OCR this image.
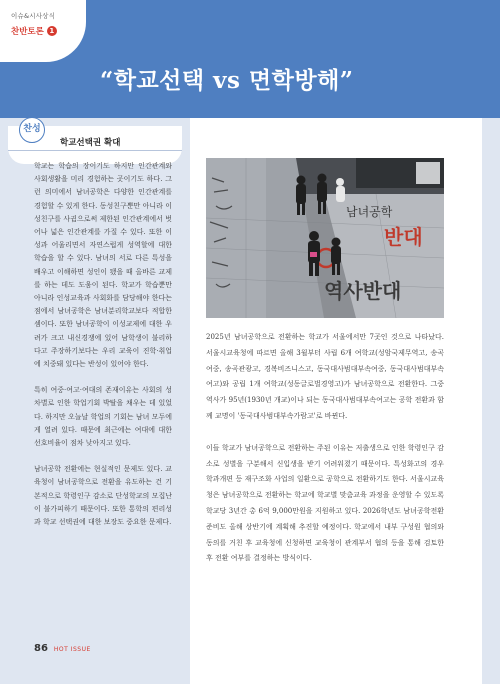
이슈&시사상식
찬반토론 1
“학교선택 vs 면학방해”
찬성
학교선택권 확대

학교는 학습의 장이기도 하지만 인간관계와 사회생활을 미리 경험하는 곳이기도 하다. 그런 의미에서 남녀공학은 다양한 인간관계를 경험할 수 있게 한다. 동성친구뿐만 아니라 이성친구를 사귐으로써 제한된 인간관계에서 벗어나 넓은 인간관계를 가질 수 있다. 또한 이성과 어울리면서 자연스럽게 성역할에 대한 학습을 할 수 있다. 남녀의 서로 다른 특성을 배우고 이해하면 성인이 됐을 때 올바른 교제를 하는 데도 도움이 된다. 학교가 학습뿐만 아니라 인성교육과 사회화를 담당해야 한다는 점에서 남녀공학은 남녀분리학교보다 적합한 셈이다. 또한 남녀공학이 이성교제에 대한 우려가 크고 내신경쟁에 있어 남학생이 불리하다고 주장하기보다는 우리 교육이 진학·취업에 치중돼 있다는 반성이 있어야 한다.

특히 여중·여고·여대의 존재이유는 사회의 성차별로 인한 학업기회 박탈을 채우는 데 있었다. 하지만 오늘날 학업의 기회는 남녀 모두에게 열려 있다. 때문에 최근에는 여대에 대한 선호비율이 점차 낮아지고 있다.

남녀공학 전환에는 현실적인 문제도 있다. 교육청이 남녀공학으로 전환을 유도하는 건 기본적으로 학령인구 감소로 단성학교의 모집난이 불가피하기 때문이다. 또한 통학의 편리성과 학교 선택권에 대한 보장도 중요한 문제다.

반대
남녀공학
역사반대

2025년 남녀공학으로 전환하는 학교가 서울에서만 7곳인 것으로 나타났다. 서울시교육청에 따르면 올해 3월부터 사립 6개 여학교(성암국제무역고, 송곡여중, 송곡관광고, 경복비즈니스고, 동국대사범대부속여중, 동국대사범대부속여고)와 공립 1개 여학교(성동글로벌경영고)가 남녀공학으로 전환한다. 그중 역사가 95년(1930년 개교)이나 되는 동국대사범대부속여고는 공학 전환과 함께 교명이 '동국대사범대부속가람고'로 바뀐다.

이들 학교가 남녀공학으로 전환하는 주된 이유는 저출생으로 인한 학령인구 감소로 성별을 구분해서 신입생을 받기 어려워졌기 때문이다. 특성화고의 경우 학과개편 등 재구조화 사업의 일환으로 공학으로 전환하기도 한다. 서울시교육청은 남녀공학으로 전환하는 학교에 학교별 맞춤교육 과정을 운영할 수 있도록 학교당 3년간 총 6억 9,000만원을 지원하고 있다. 2026학년도 남녀공학전환 준비도 올해 상반기에 계획해 추진할 예정이다. 학교에서 내부 구성원 협의와 동의를 거친 후 교육청에 신청하면 교육청이 관계부서 협의 등을 통해 검토한 후 전환 여부를 결정하는 방식이다.

86 HOT ISSUE
